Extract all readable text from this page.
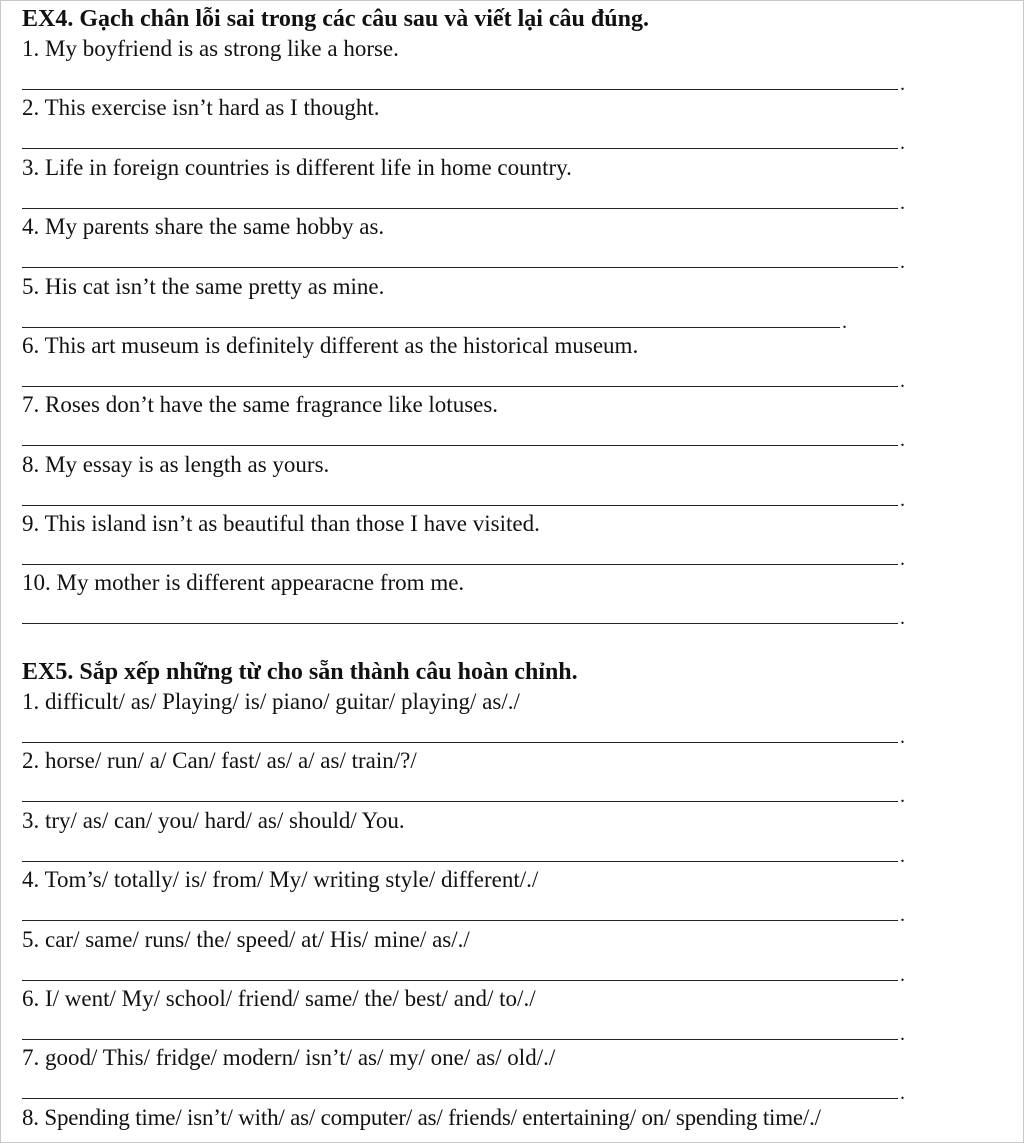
EX4. Gạch chân lỗi sai trong các câu sau và viết lại câu đúng.
1. My boyfriend is as strong like a horse.
.
2. This exercise isn’t hard as I thought.
.
3. Life in foreign countries is different life in home country.
.
4. My parents share the same hobby as.
.
5. His cat isn’t the same pretty as mine.
.
6. This art museum is definitely different as the historical museum.
.
7. Roses don’t have the same fragrance like lotuses.
.
8. My essay is as length as yours.
.
9. This island isn’t as beautiful than those I have visited.
.
10. My mother is different appearacne from me.
.
EX5. Sắp xếp những từ cho sẵn thành câu hoàn chỉnh.
1. difficult/ as/ Playing/ is/ piano/ guitar/ playing/ as/./
.
2. horse/ run/ a/ Can/ fast/ as/ a/ as/ train/?/
.
3. try/ as/ can/ you/ hard/ as/ should/ You.
.
4. Tom’s/ totally/ is/ from/ My/ writing style/ different/./
.
5. car/ same/ runs/ the/ speed/ at/ His/ mine/ as/./
.
6. I/ went/ My/ school/ friend/ same/ the/ best/ and/ to/./
.
7. good/ This/ fridge/ modern/ isn’t/ as/ my/ one/ as/ old/./
.
8. Spending time/ isn’t/ with/ as/ computer/ as/ friends/ entertaining/ on/ spending time/./
